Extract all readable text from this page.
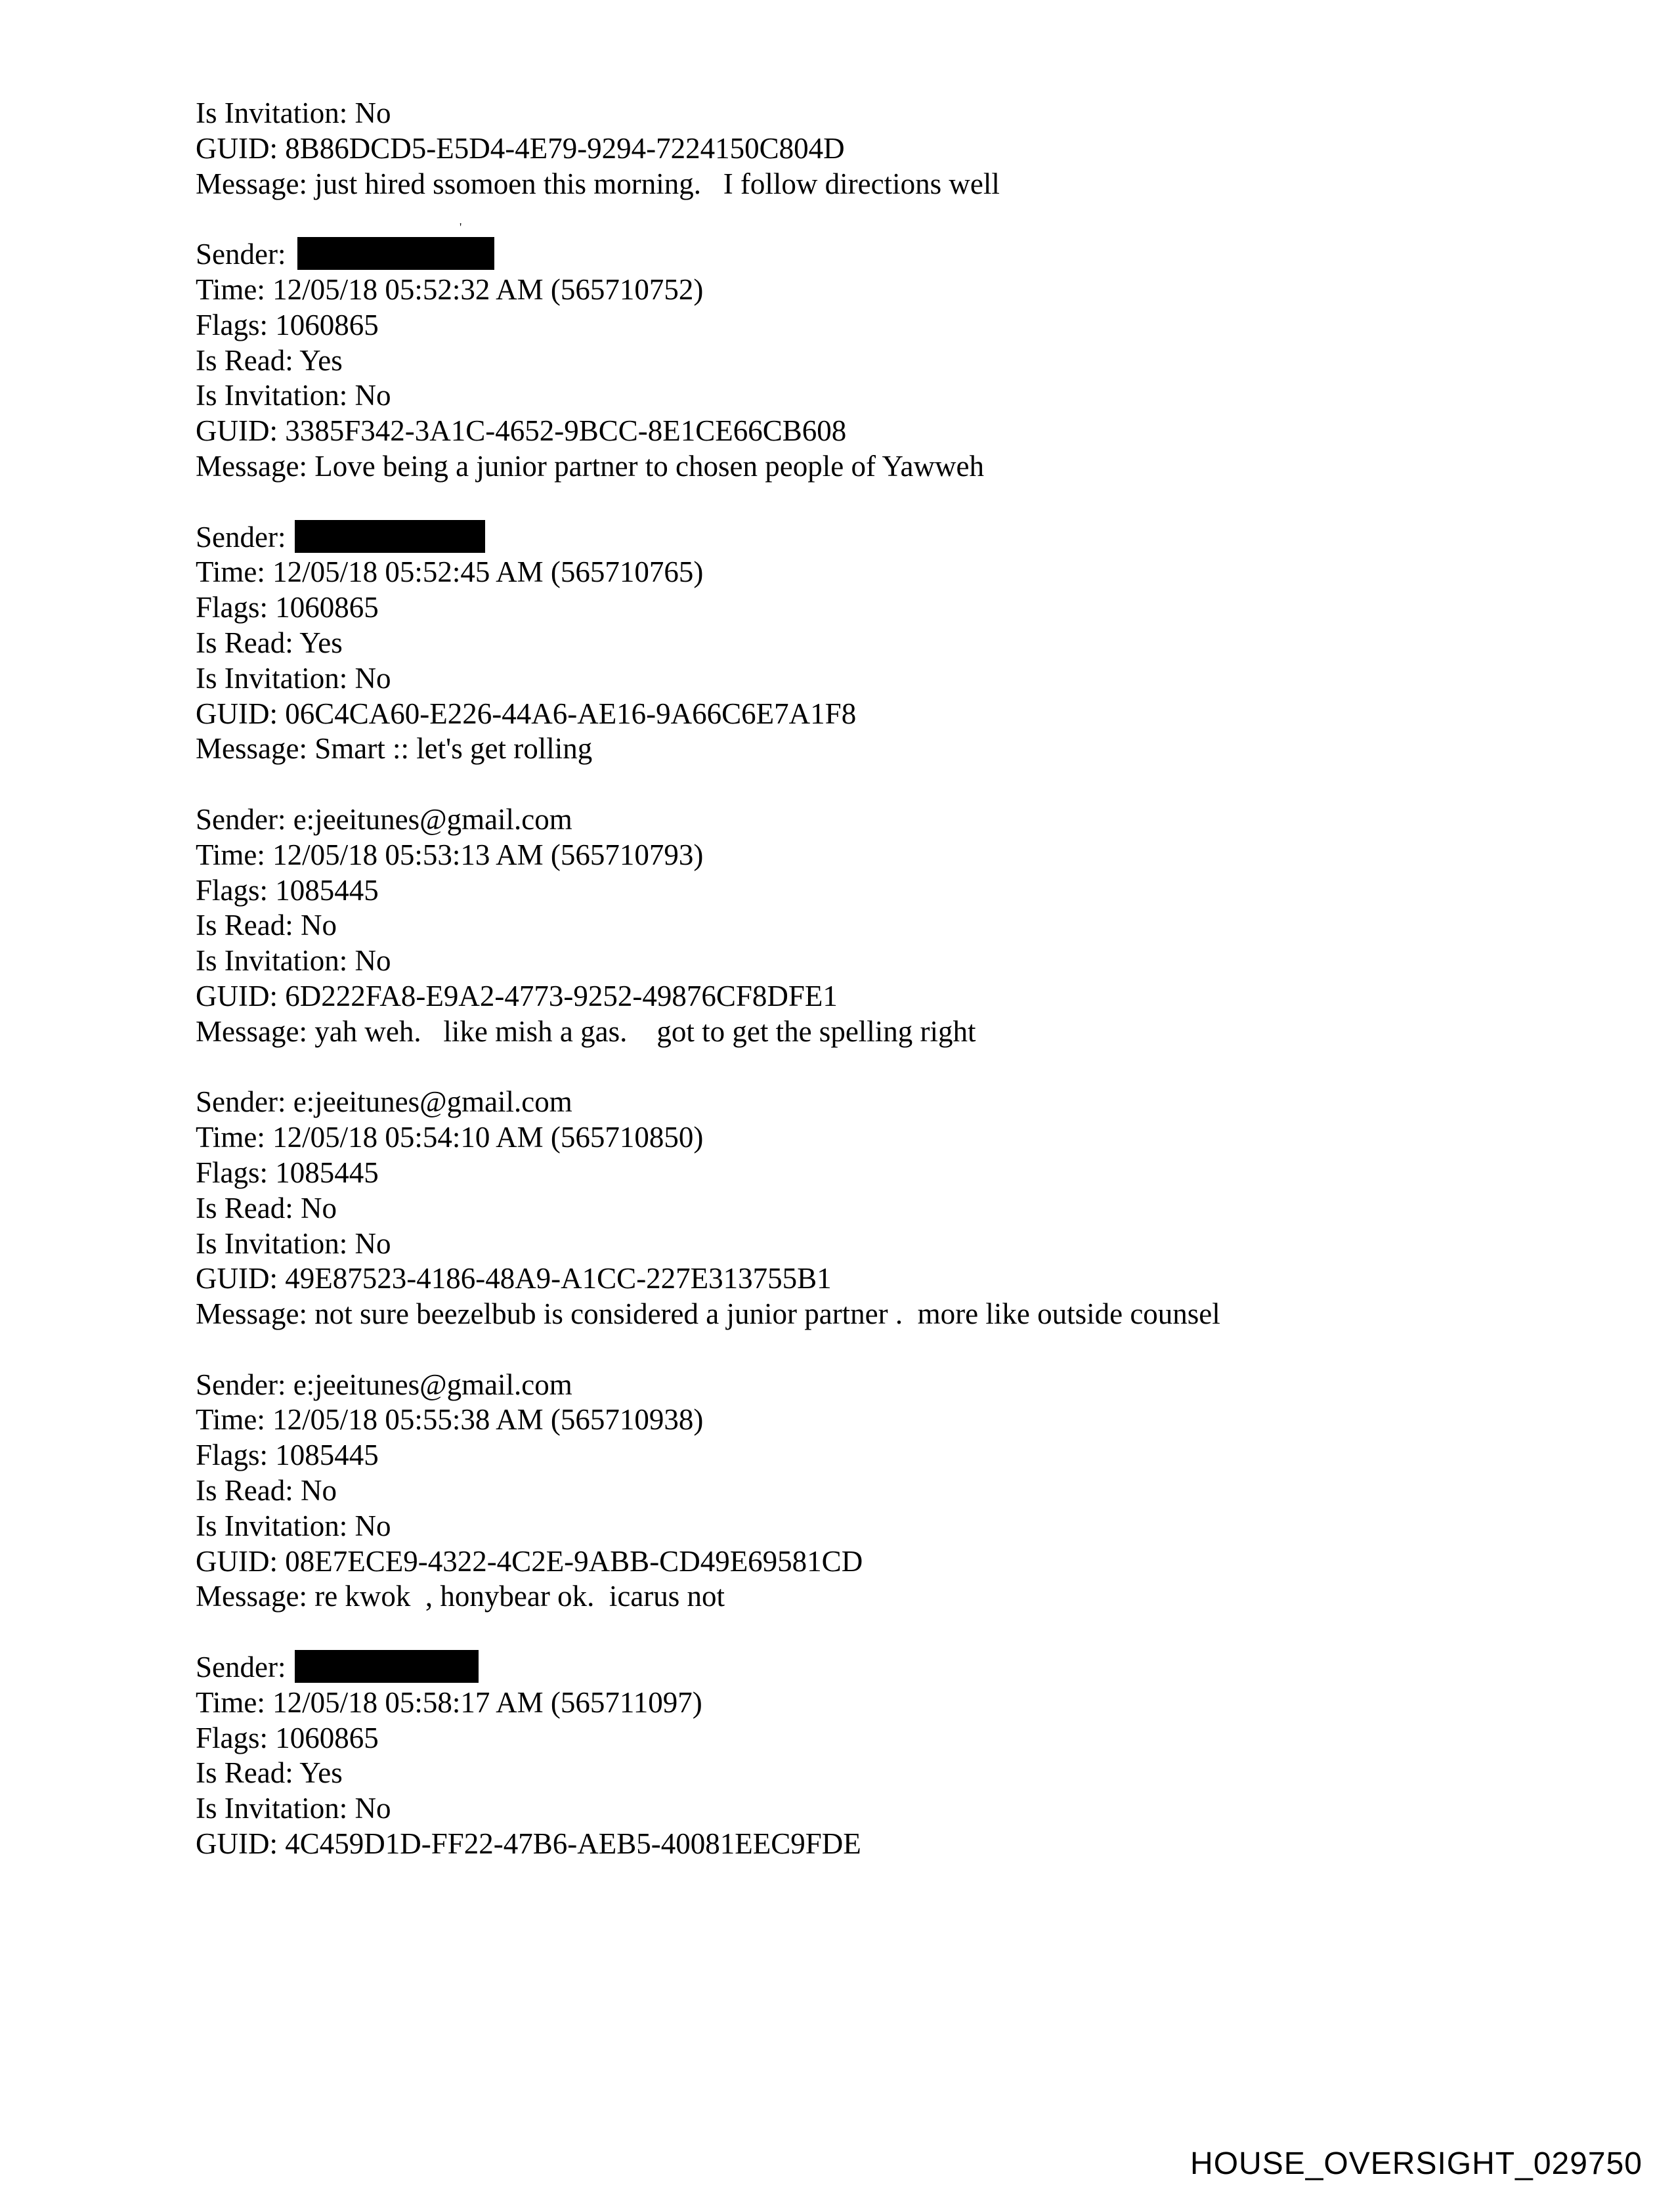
Is Invitation: No
GUID: 8B86DCD5-E5D4-4E79-9294-7224150C804D
Message: just hired ssomoen this morning.   I follow directions well
Sender:
Time: 12/05/18 05:52:32 AM (565710752)
Flags: 1060865
Is Read: Yes
Is Invitation: No
GUID: 3385F342-3A1C-4652-9BCC-8E1CE66CB608
Message: Love being a junior partner to chosen people of Yawweh
Sender:
Time: 12/05/18 05:52:45 AM (565710765)
Flags: 1060865
Is Read: Yes
Is Invitation: No
GUID: 06C4CA60-E226-44A6-AE16-9A66C6E7A1F8
Message: Smart :: let's get rolling
Sender: e:jeeitunes@gmail.com
Time: 12/05/18 05:53:13 AM (565710793)
Flags: 1085445
Is Read: No
Is Invitation: No
GUID: 6D222FA8-E9A2-4773-9252-49876CF8DFE1
Message: yah weh.   like mish a gas.    got to get the spelling right
Sender: e:jeeitunes@gmail.com
Time: 12/05/18 05:54:10 AM (565710850)
Flags: 1085445
Is Read: No
Is Invitation: No
GUID: 49E87523-4186-48A9-A1CC-227E313755B1
Message: not sure beezelbub is considered a junior partner .  more like outside counsel
Sender: e:jeeitunes@gmail.com
Time: 12/05/18 05:55:38 AM (565710938)
Flags: 1085445
Is Read: No
Is Invitation: No
GUID: 08E7ECE9-4322-4C2E-9ABB-CD49E69581CD
Message: re kwok  , honybear ok.  icarus not
Sender:
Time: 12/05/18 05:58:17 AM (565711097)
Flags: 1060865
Is Read: Yes
Is Invitation: No
GUID: 4C459D1D-FF22-47B6-AEB5-40081EEC9FDE
'
HOUSE_OVERSIGHT_029750
